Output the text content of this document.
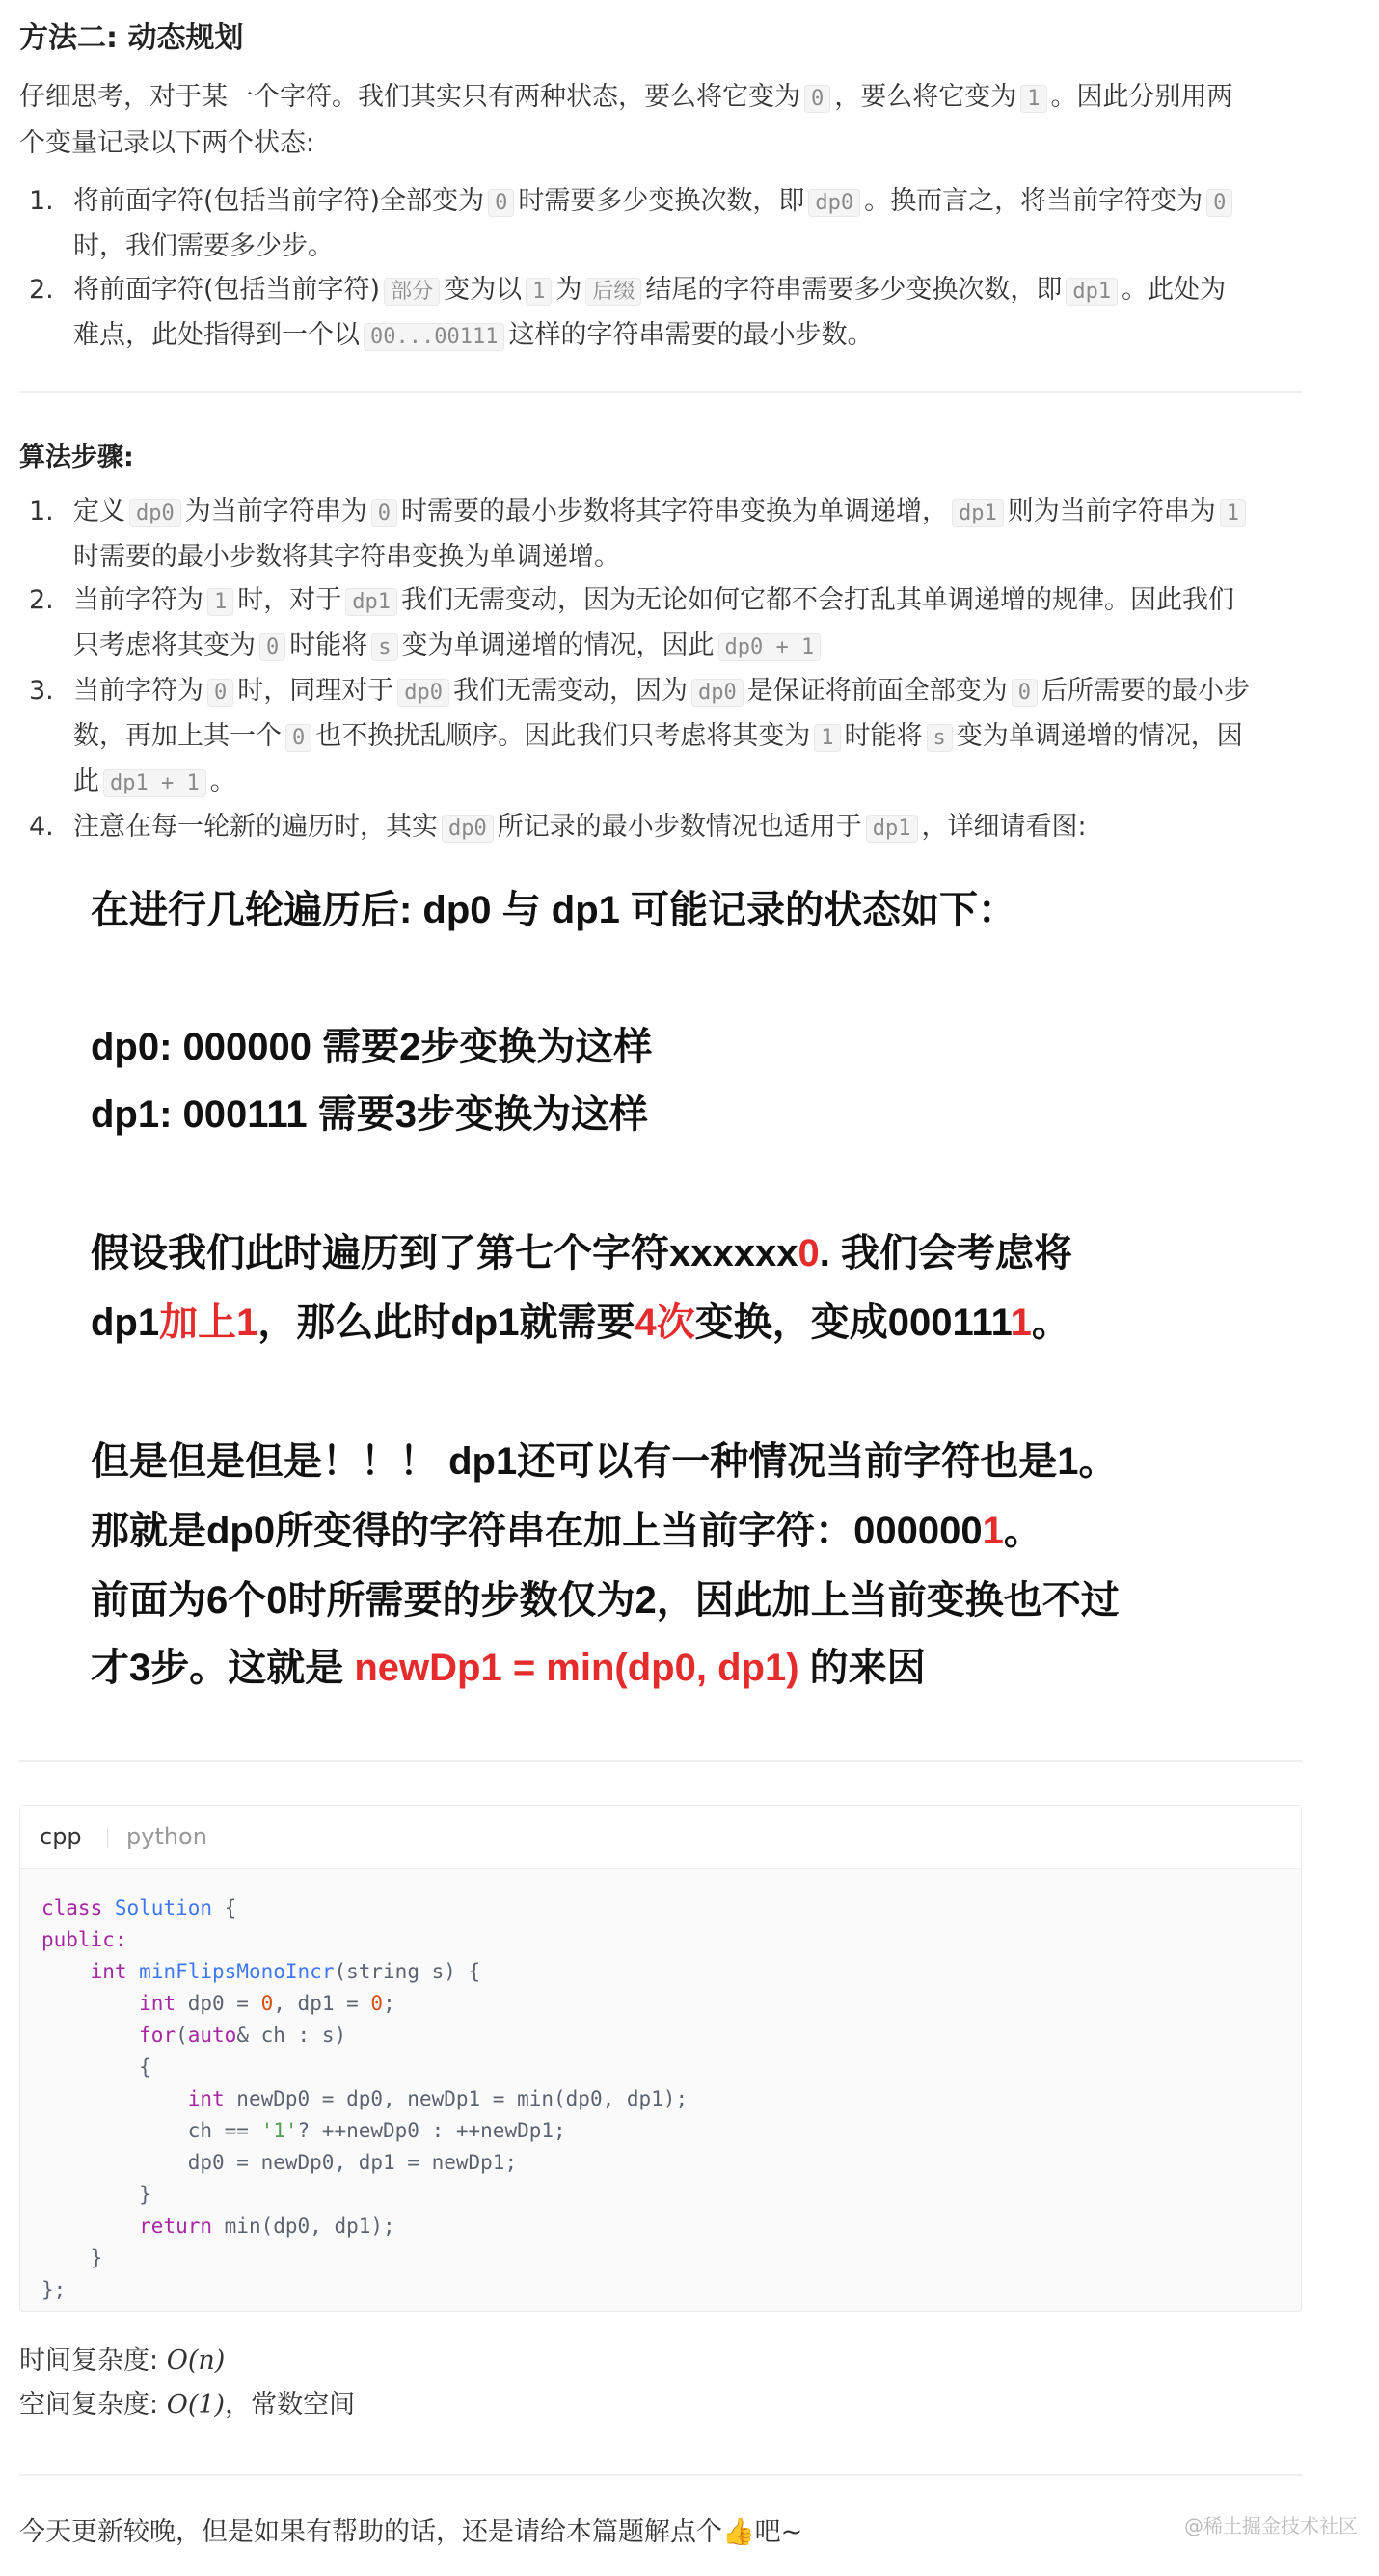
方法二: 动态规划

仔细思考，对于某一个字符。我们其实只有两种状态，要么将它变为 0 ，要么将它变为 1 。因此分别用两

个变量记录以下两个状态:

1. 将前面字符(包括当前字符)全部变为 0 时需要多少变换次数，即 dp0 。换而言之，将当前字符变为 0
时，我们需要多少步。
2. 将前面字符(包括当前字符) 部分 变为以 1 为 后缀 结尾的字符串需要多少变换次数，即 dp1 。此处为
难点，此处指得到一个以 00...00111 这样的字符串需要的最小步数。
算法步骤:
1. 定义 dp0 为当前字符串为 0 时需要的最小步数将其字符串变换为单调递增， dp1 则为当前字符串为 1
时需要的最小步数将其字符串变换为单调递增。
2. 当前字符为 1 时，对于 dp1 我们无需变动，因为无论如何它都不会打乱其单调递增的规律。因此我们
只考虑将其变为 0 时能将 s 变为单调递增的情况，因此 dp0 + 1
3. 当前字符为 0 时，同理对于 dp0 我们无需变动，因为 dp0 是保证将前面全部变为 0 后所需要的最小步
数，再加上其一个 0 也不换扰乱顺序。因此我们只考虑将其变为 1 时能将 s 变为单调递增的情况，因
此 dp1 + 1 。
4. 注意在每一轮新的遍历时，其实 dp0 所记录的最小步数情况也适用于 dp1 ，详细请看图:
在进行几轮遍历后: dp0 与 dp1 可能记录的状态如下：
dp0: 000000 需要2步变换为这样
dp1: 000111 需要3步变换为这样
假设我们此时遍历到了第七个字符xxxxxx0. 我们会考虑将
dp1加上1，那么此时dp1就需要4次变换，变成0001111。
但是但是但是！！！ dp1还可以有一种情况当前字符也是1。
那就是dp0所变得的字符串在加上当前字符：0000001。
前面为6个0时所需要的步数仅为2，因此加上当前变换也不过
才3步。这就是 newDp1 = min(dp0, dp1) 的来因
cpp python
class Solution {
public:
int minFlipsMonoIncr(string s) {
int dp0 = 0, dp1 = 0;
for(auto& ch : s)
{
int newDp0 = dp0, newDp1 = min(dp0, dp1);
ch == '1'? ++newDp0 : ++newDp1;
dp0 = newDp0, dp1 = newDp1;
}
return min(dp0, dp1);
}
};

时间复杂度: O(n)

空间复杂度: O(1)，常数空间

今天更新较晚，但是如果有帮助的话，还是请给本篇题解点个👍吧~	@稀土掘金技术社区
